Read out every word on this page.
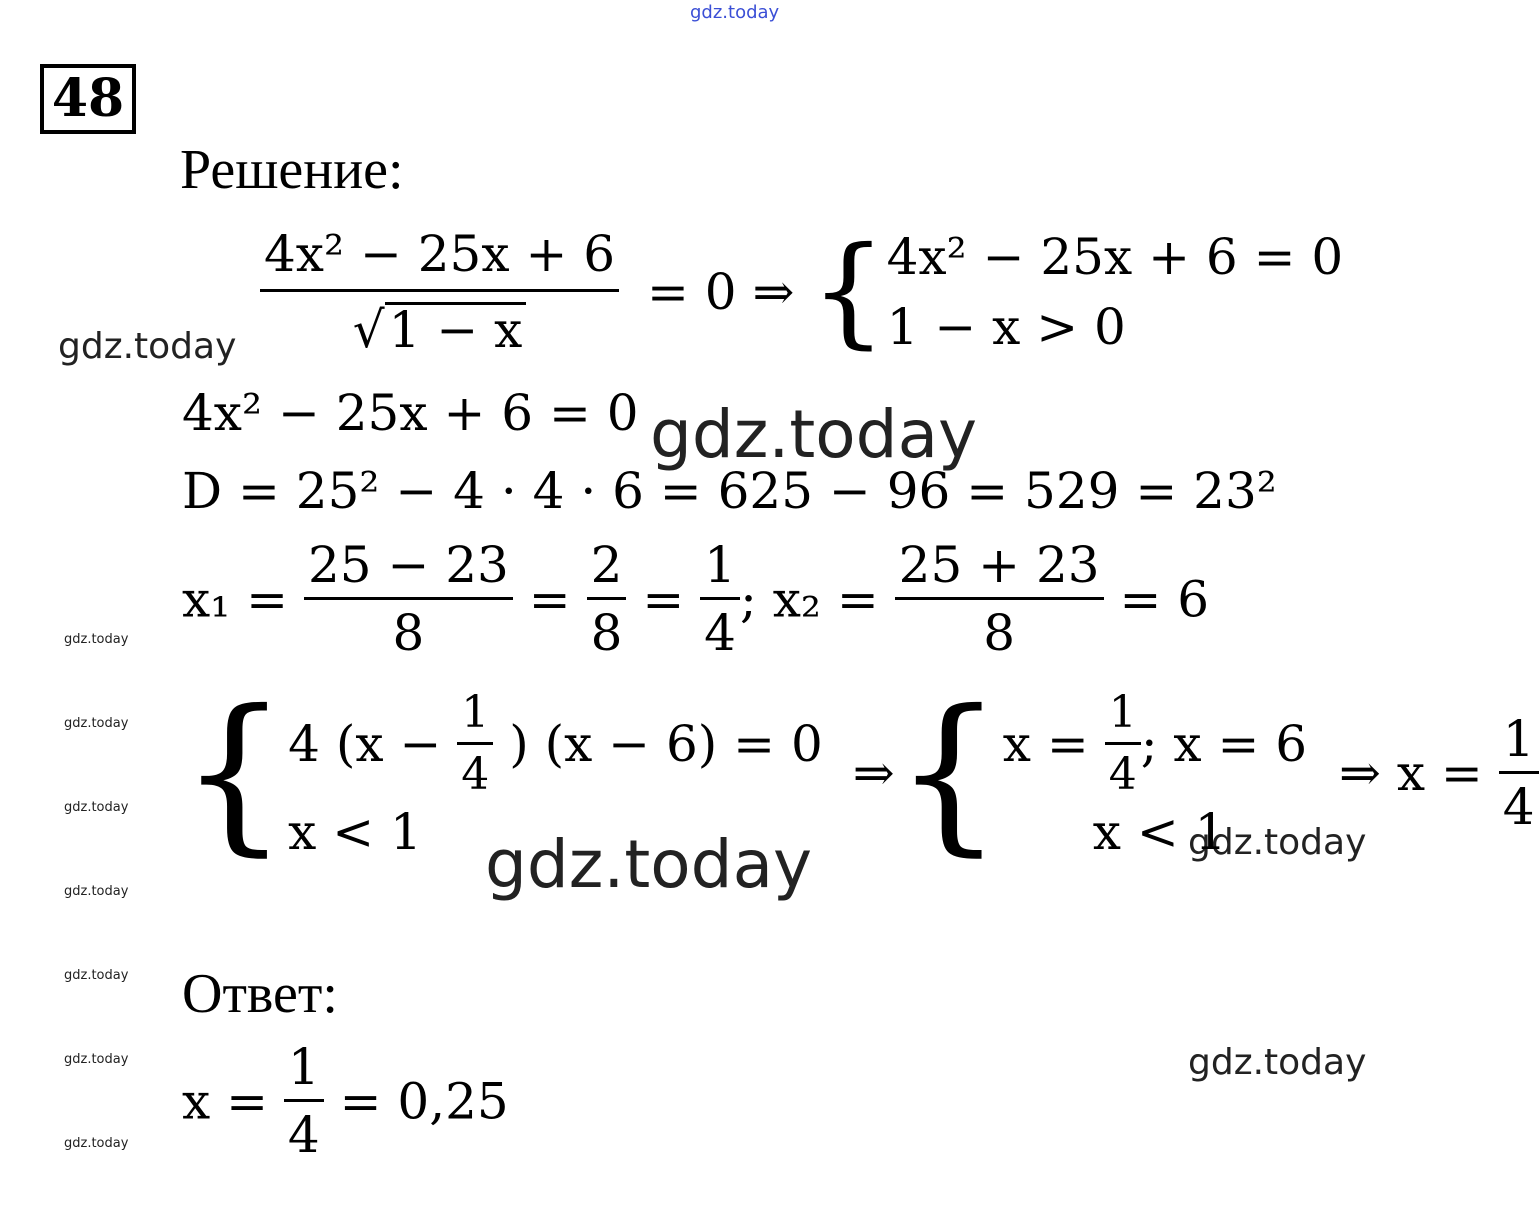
gdz.today
gdz.today
gdz.today
gdz.today	gdz.today
gdz.today
gdz.today
gdz.today
gdz.today
gdz.today
gdz.today
gdz.today
gdz.today
48
Решение:
$\frac{\text{4x² − 25x + 6}}{√1 - x} = 0$ ⇒ { 4x² − 25x + 6 = 0
1 − x > 0
4x² − 25x + 6 = 0
D = 25² − 4 · 4 · 6 = 625 − 96 = 529 = 23²
$x_1 = \frac{25 - 23}{8} = \frac{2}{8} = \frac{1}{4}$ ; $x_2 = \frac{25 + 23}{8} = 6$
{ 4 ($x - \frac{1}{4}$ ) (x − 6) = 0
x < 1
⇒{ $x = \frac{1}{4}$ ; x = 6
x < 1
⇒ $x = \frac{1}{4}$
Ответ:
$x = \frac{1}{4} = 0,25$
